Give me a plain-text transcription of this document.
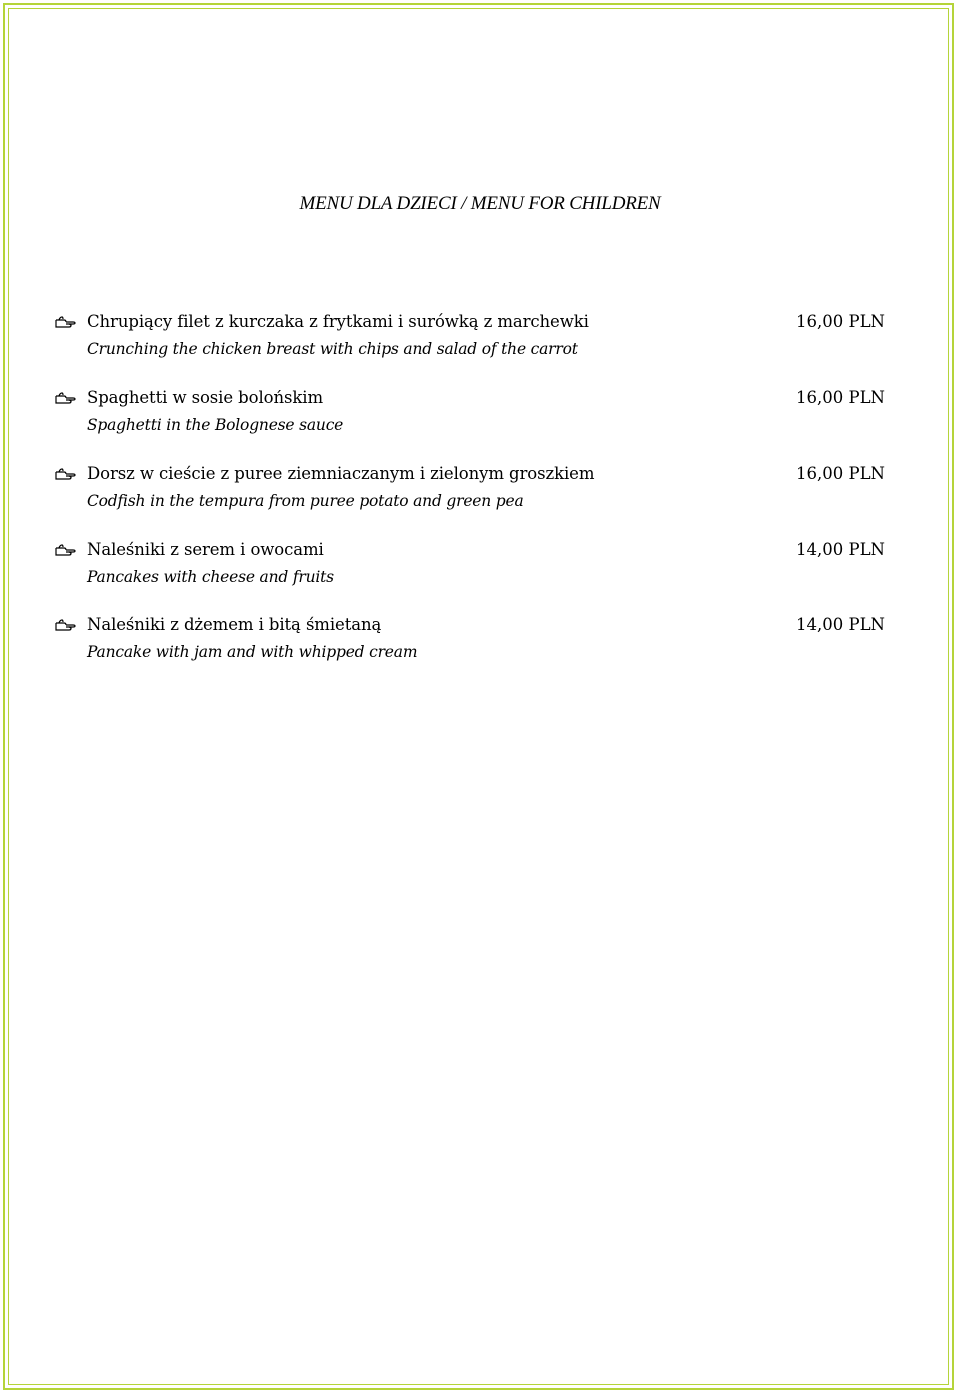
MENU DLA DZIECI / MENU FOR CHILDREN
Chrupiący filet z kurczaka z frytkami i surówką z marchewki
Crunching the chicken breast with chips and salad of the carrot
16,00 PLN
Spaghetti w sosie bolońskim
Spaghetti in the Bolognese sauce
16,00 PLN
Dorsz w cieście z puree ziemniaczanym i zielonym groszkiem
Codfish in the tempura from puree potato and green pea
16,00 PLN
Naleśniki z serem i owocami
Pancakes with cheese and fruits
14,00 PLN
Naleśniki z dżemem i bitą śmietaną
Pancake with jam and with whipped cream
14,00 PLN
